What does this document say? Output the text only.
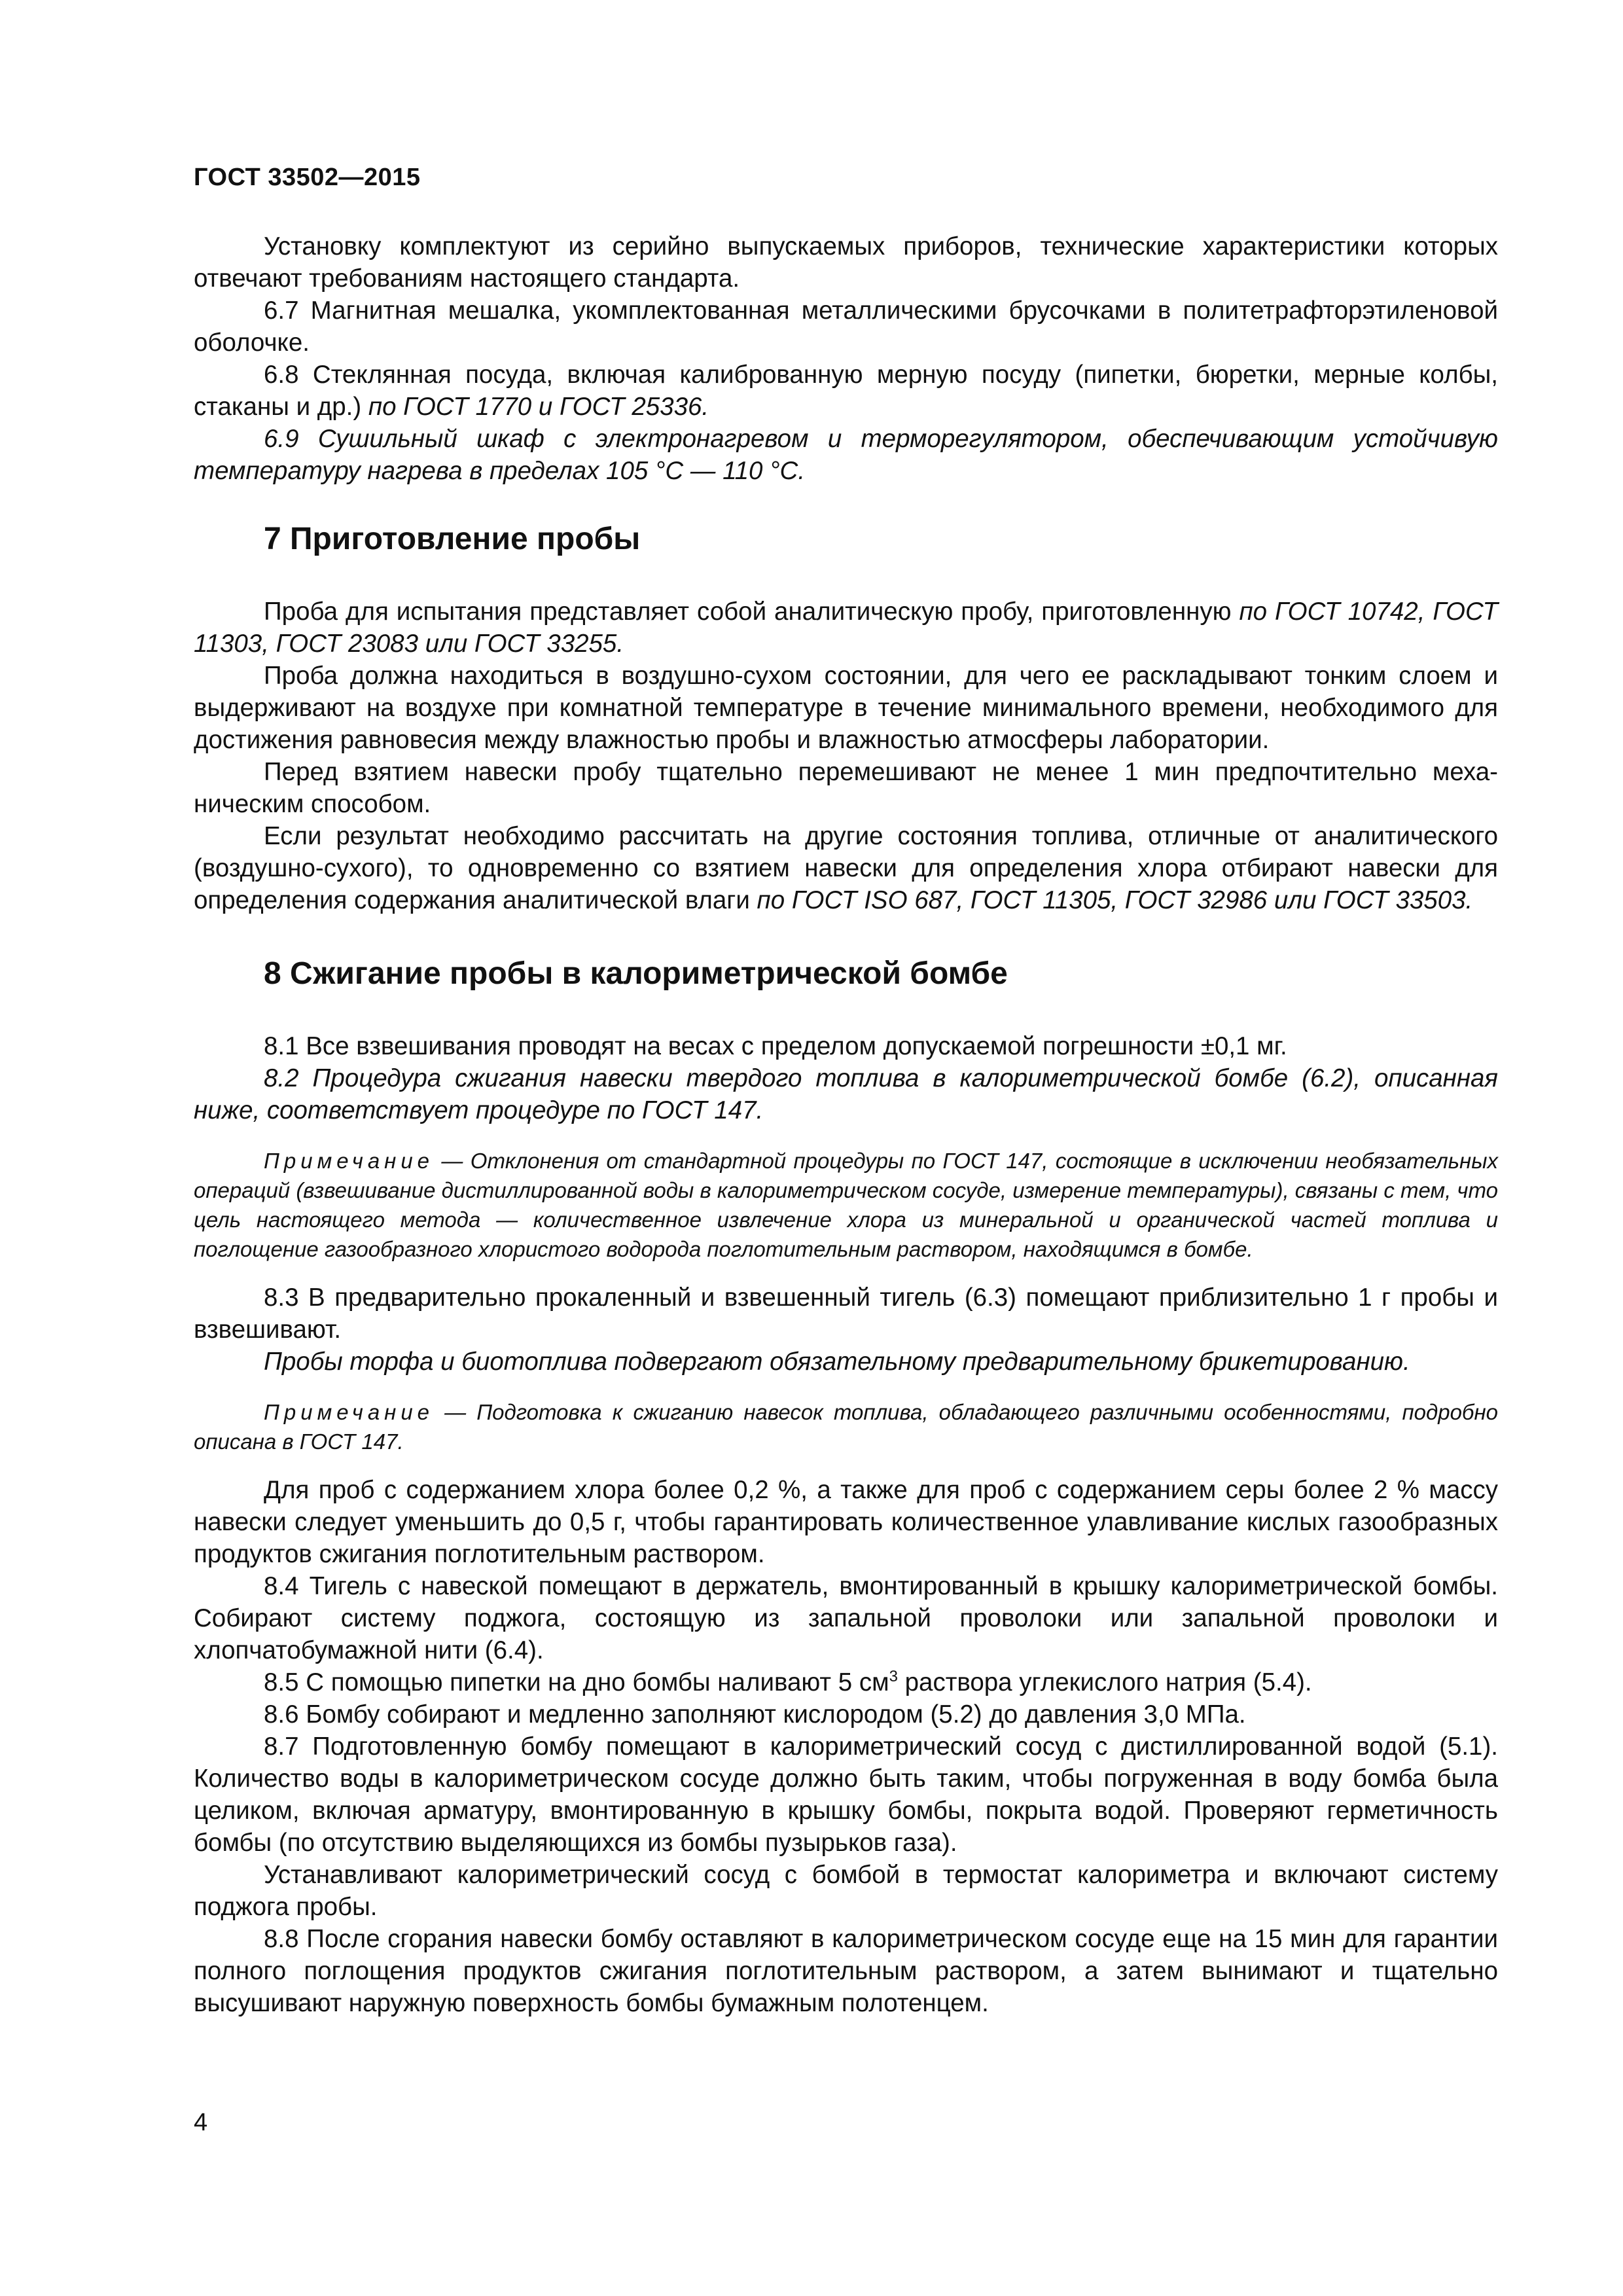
ГОСТ 33502—2015

Установку комплектуют из серийно выпускаемых приборов, технические характеристики которых отвечают требованиям настоящего стандарта.

6.7 Магнитная мешалка, укомплектованная металлическими брусочками в политетрафторэтиленовой оболочке.

6.8 Стеклянная посуда, включая калиброванную мерную посуду (пипетки, бюретки, мерные колбы, стаканы и др.) по ГОСТ 1770 и ГОСТ 25336.

6.9 Сушильный шкаф с электронагревом и терморегулятором, обеспечивающим устойчивую температуру нагрева в пределах 105 °С — 110 °С.

7 Приготовление пробы

Проба для испытания представляет собой аналитическую пробу, приготовленную по ГОСТ 10742, ГОСТ 11303, ГОСТ 23083 или ГОСТ 33255.

Проба должна находиться в воздушно-сухом состоянии, для чего ее раскладывают тонким слоем и выдерживают на воздухе при комнатной температуре в течение минимального времени, необходимого для достижения равновесия между влажностью пробы и влажностью атмосферы лаборатории.

Перед взятием навески пробу тщательно перемешивают не менее 1 мин предпочтительно механическим способом.

Если результат необходимо рассчитать на другие состояния топлива, отличные от аналитического (воздушно-сухого), то одновременно со взятием навески для определения хлора отбирают навески для определения содержания аналитической влаги по ГОСТ ISO 687, ГОСТ 11305, ГОСТ 32986 или ГОСТ 33503.

8 Сжигание пробы в калориметрической бомбе

8.1 Все взвешивания проводят на весах с пределом допускаемой погрешности ±0,1 мг.

8.2 Процедура сжигания навески твердого топлива в калориметрической бомбе (6.2), описанная ниже, соответствует процедуре по ГОСТ 147.

Примечание — Отклонения от стандартной процедуры по ГОСТ 147, состоящие в исключении необязательных операций (взвешивание дистиллированной воды в калориметрическом сосуде, измерение температуры), связаны с тем, что цель настоящего метода — количественное извлечение хлора из минеральной и органической частей топлива и поглощение газообразного хлористого водорода поглотительным раствором, находящимся в бомбе.

8.3 В предварительно прокаленный и взвешенный тигель (6.3) помещают приблизительно 1 г пробы и взвешивают.

Пробы торфа и биотоплива подвергают обязательному предварительному брикетированию.

Примечание — Подготовка к сжиганию навесок топлива, обладающего различными особенностями, подробно описана в ГОСТ 147.

Для проб с содержанием хлора более 0,2 %, а также для проб с содержанием серы более 2 % массу навески следует уменьшить до 0,5 г, чтобы гарантировать количественное улавливание кислых газообразных продуктов сжигания поглотительным раствором.

8.4 Тигель с навеской помещают в держатель, вмонтированный в крышку калориметрической бомбы. Собирают систему поджога, состоящую из запальной проволоки или запальной проволоки и хлопчатобумажной нити (6.4).

8.5 С помощью пипетки на дно бомбы наливают 5 $см^3$ раствора углекислого натрия (5.4).

8.6 Бомбу собирают и медленно заполняют кислородом (5.2) до давления 3,0 МПа.

8.7 Подготовленную бомбу помещают в калориметрический сосуд с дистиллированной водой (5.1). Количество воды в калориметрическом сосуде должно быть таким, чтобы погруженная в воду бомба была целиком, включая арматуру, вмонтированную в крышку бомбы, покрыта водой. Проверяют герметичность бомбы (по отсутствию выделяющихся из бомбы пузырьков газа).

Устанавливают калориметрический сосуд с бомбой в термостат калориметра и включают систему поджога пробы.

8.8 После сгорания навески бомбу оставляют в калориметрическом сосуде еще на 15 мин для гарантии полного поглощения продуктов сжигания поглотительным раствором, а затем вынимают и тщательно высушивают наружную поверхность бомбы бумажным полотенцем.

4
